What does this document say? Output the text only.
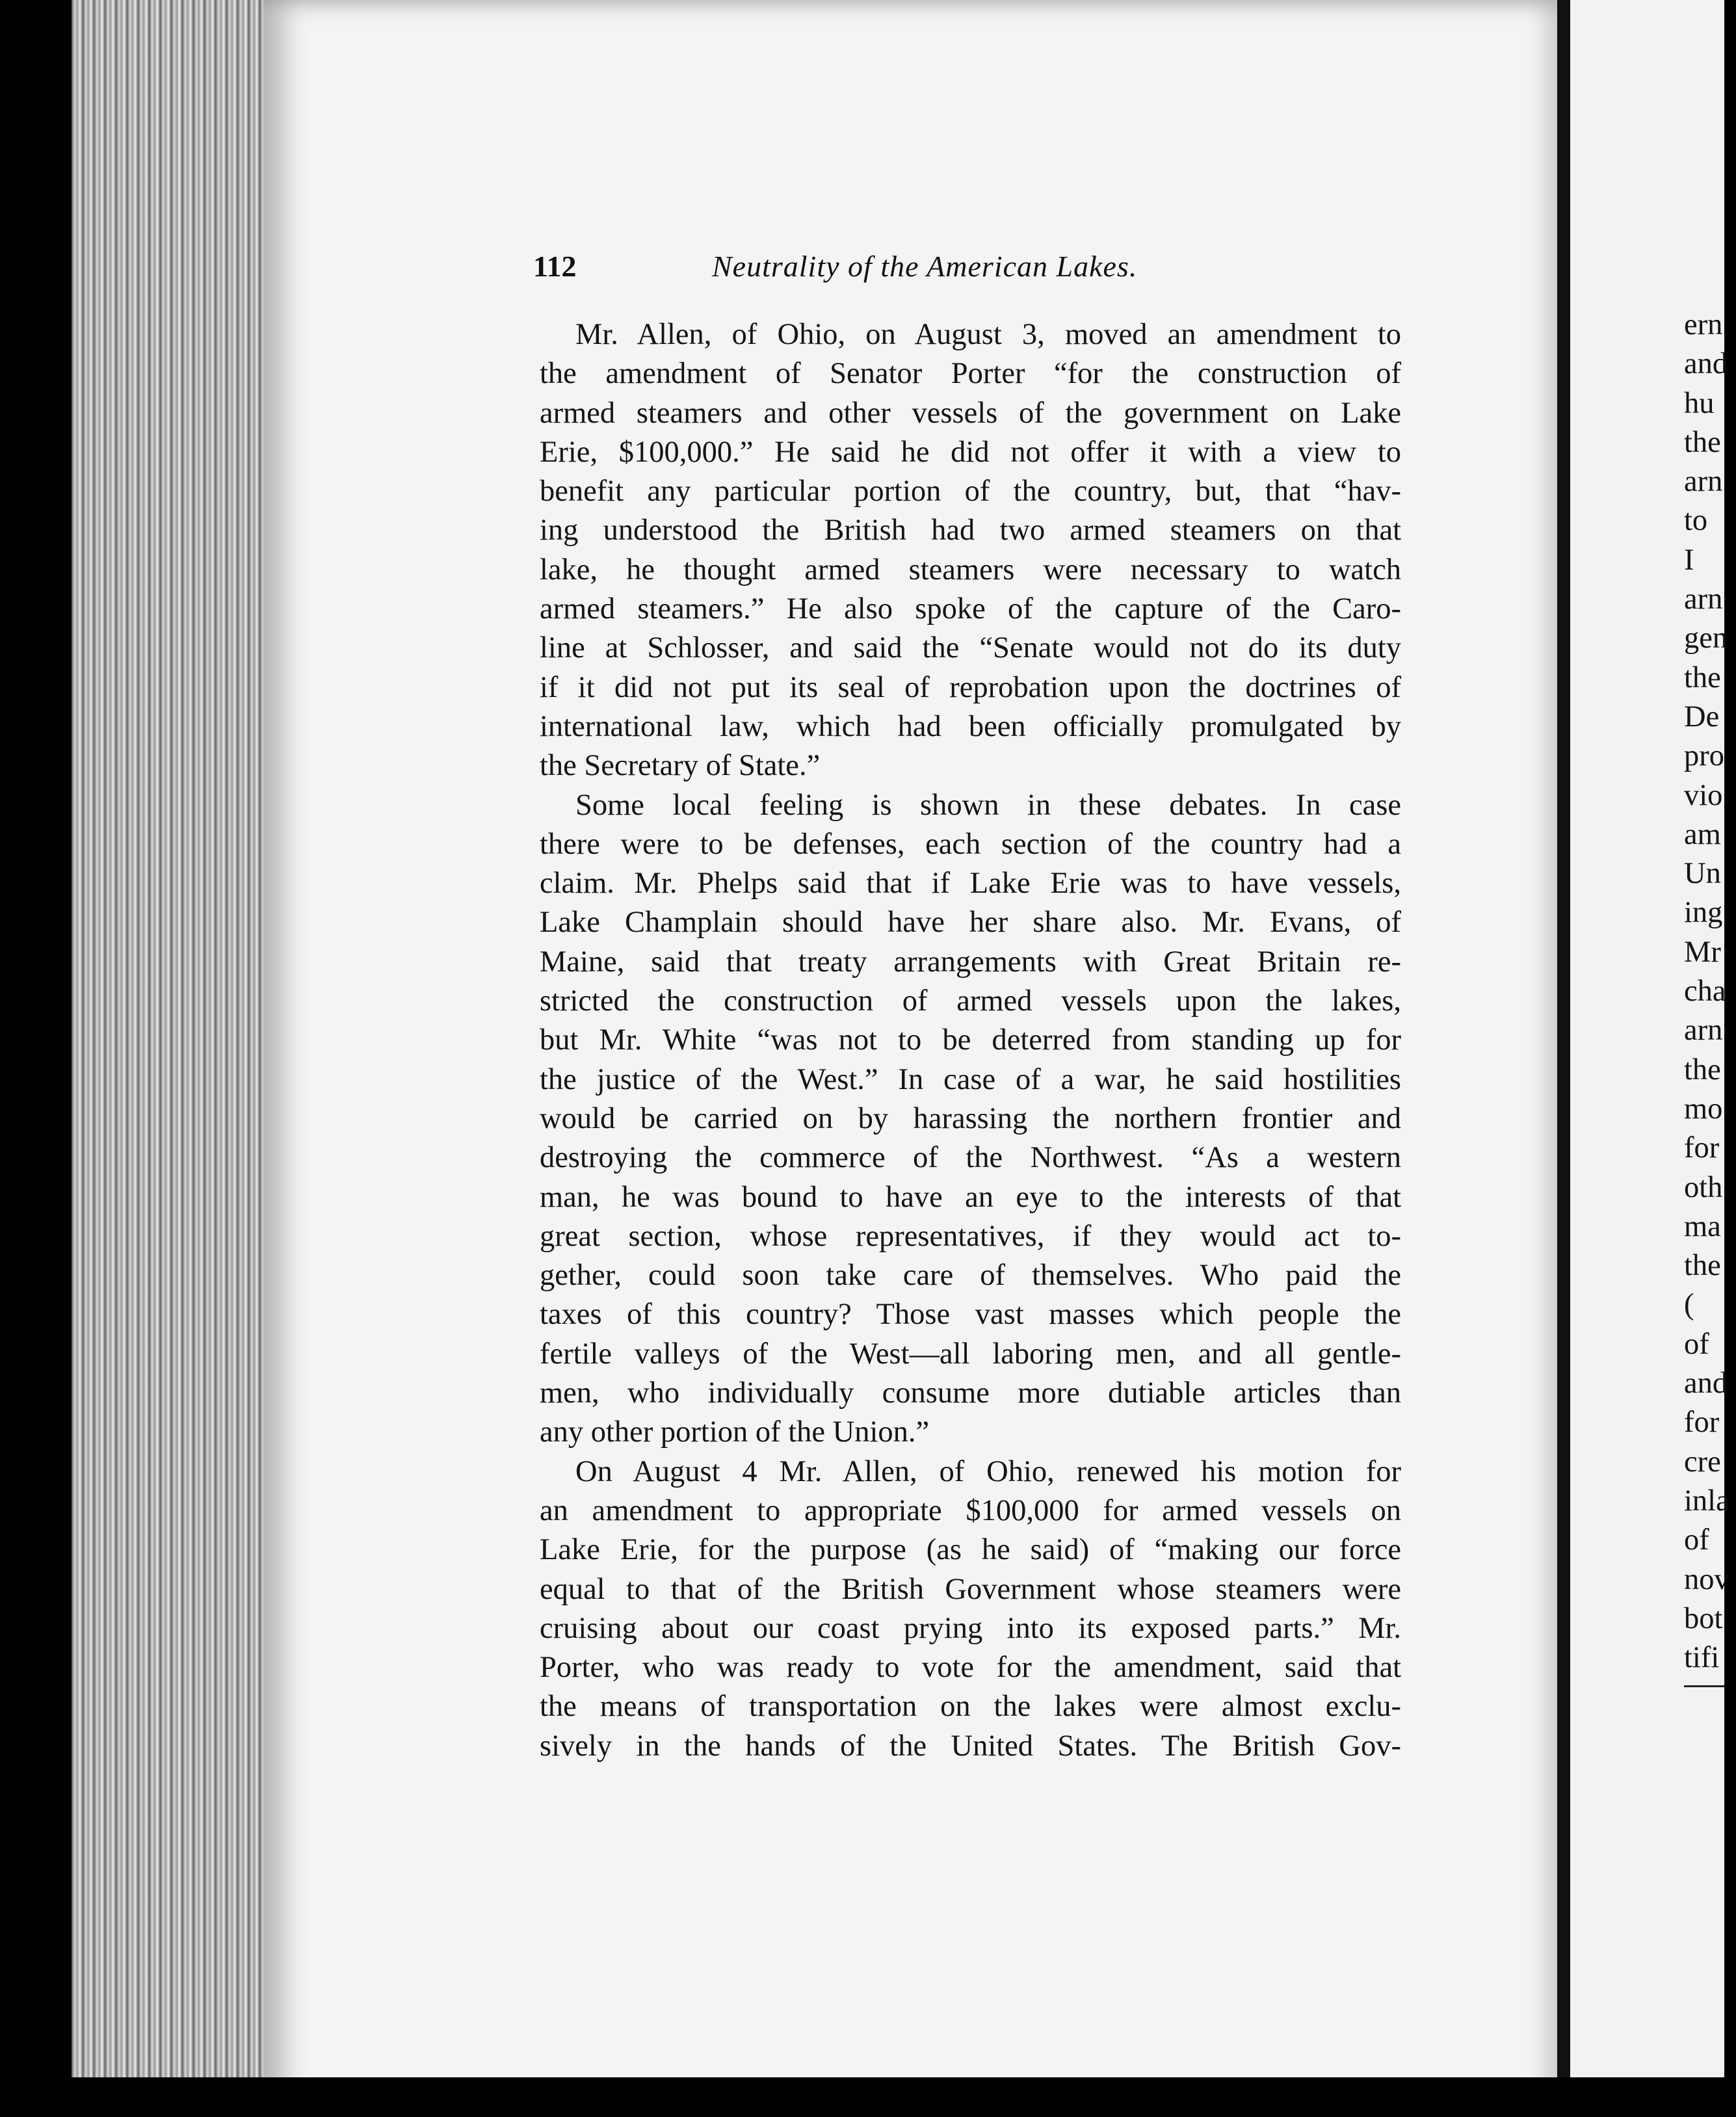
112	Neutrality of the American Lakes.
Mr. Allen, of Ohio, on August 3, moved an amendment to
the amendment of Senator Porter “for the construction of
armed steamers and other vessels of the government on Lake
Erie, $100,000.” He said he did not offer it with a view to
benefit any particular portion of the country, but, that “hav-
ing understood the British had two armed steamers on that
lake, he thought armed steamers were necessary to watch
armed steamers.” He also spoke of the capture of the Caro-
line at Schlosser, and said the “Senate would not do its duty
if it did not put its seal of reprobation upon the doctrines of
international law, which had been officially promulgated by
the Secretary of State.”
Some local feeling is shown in these debates. In case
there were to be defenses, each section of the country had a
claim. Mr. Phelps said that if Lake Erie was to have vessels,
Lake Champlain should have her share also. Mr. Evans, of
Maine, said that treaty arrangements with Great Britain re-
stricted the construction of armed vessels upon the lakes,
but Mr. White “was not to be deterred from standing up for
the justice of the West.” In case of a war, he said hostilities
would be carried on by harassing the northern frontier and
destroying the commerce of the Northwest. “As a western
man, he was bound to have an eye to the interests of that
great section, whose representatives, if they would act to-
gether, could soon take care of themselves. Who paid the
taxes of this country? Those vast masses which people the
fertile valleys of the West—all laboring men, and all gentle-
men, who individually consume more dutiable articles than
any other portion of the Union.”
On August 4 Mr. Allen, of Ohio, renewed his motion for
an amendment to appropriate $100,000 for armed vessels on
Lake Erie, for the purpose (as he said) of “making our force
equal to that of the British Government whose steamers were
cruising about our coast prying into its exposed parts.” Mr.
Porter, who was ready to vote for the amendment, said that
the means of transportation on the lakes were almost exclu-
sively in the hands of the United States. The British Gov-
ern
and
hu
the
arn
to
I
arn
gen
the
De
pro
vio
am
Un
ing
Mr
cha
arn
the
mo
for
oth
ma
the
(
of
and
for
cre
inla
of
nov
bot
tifi
